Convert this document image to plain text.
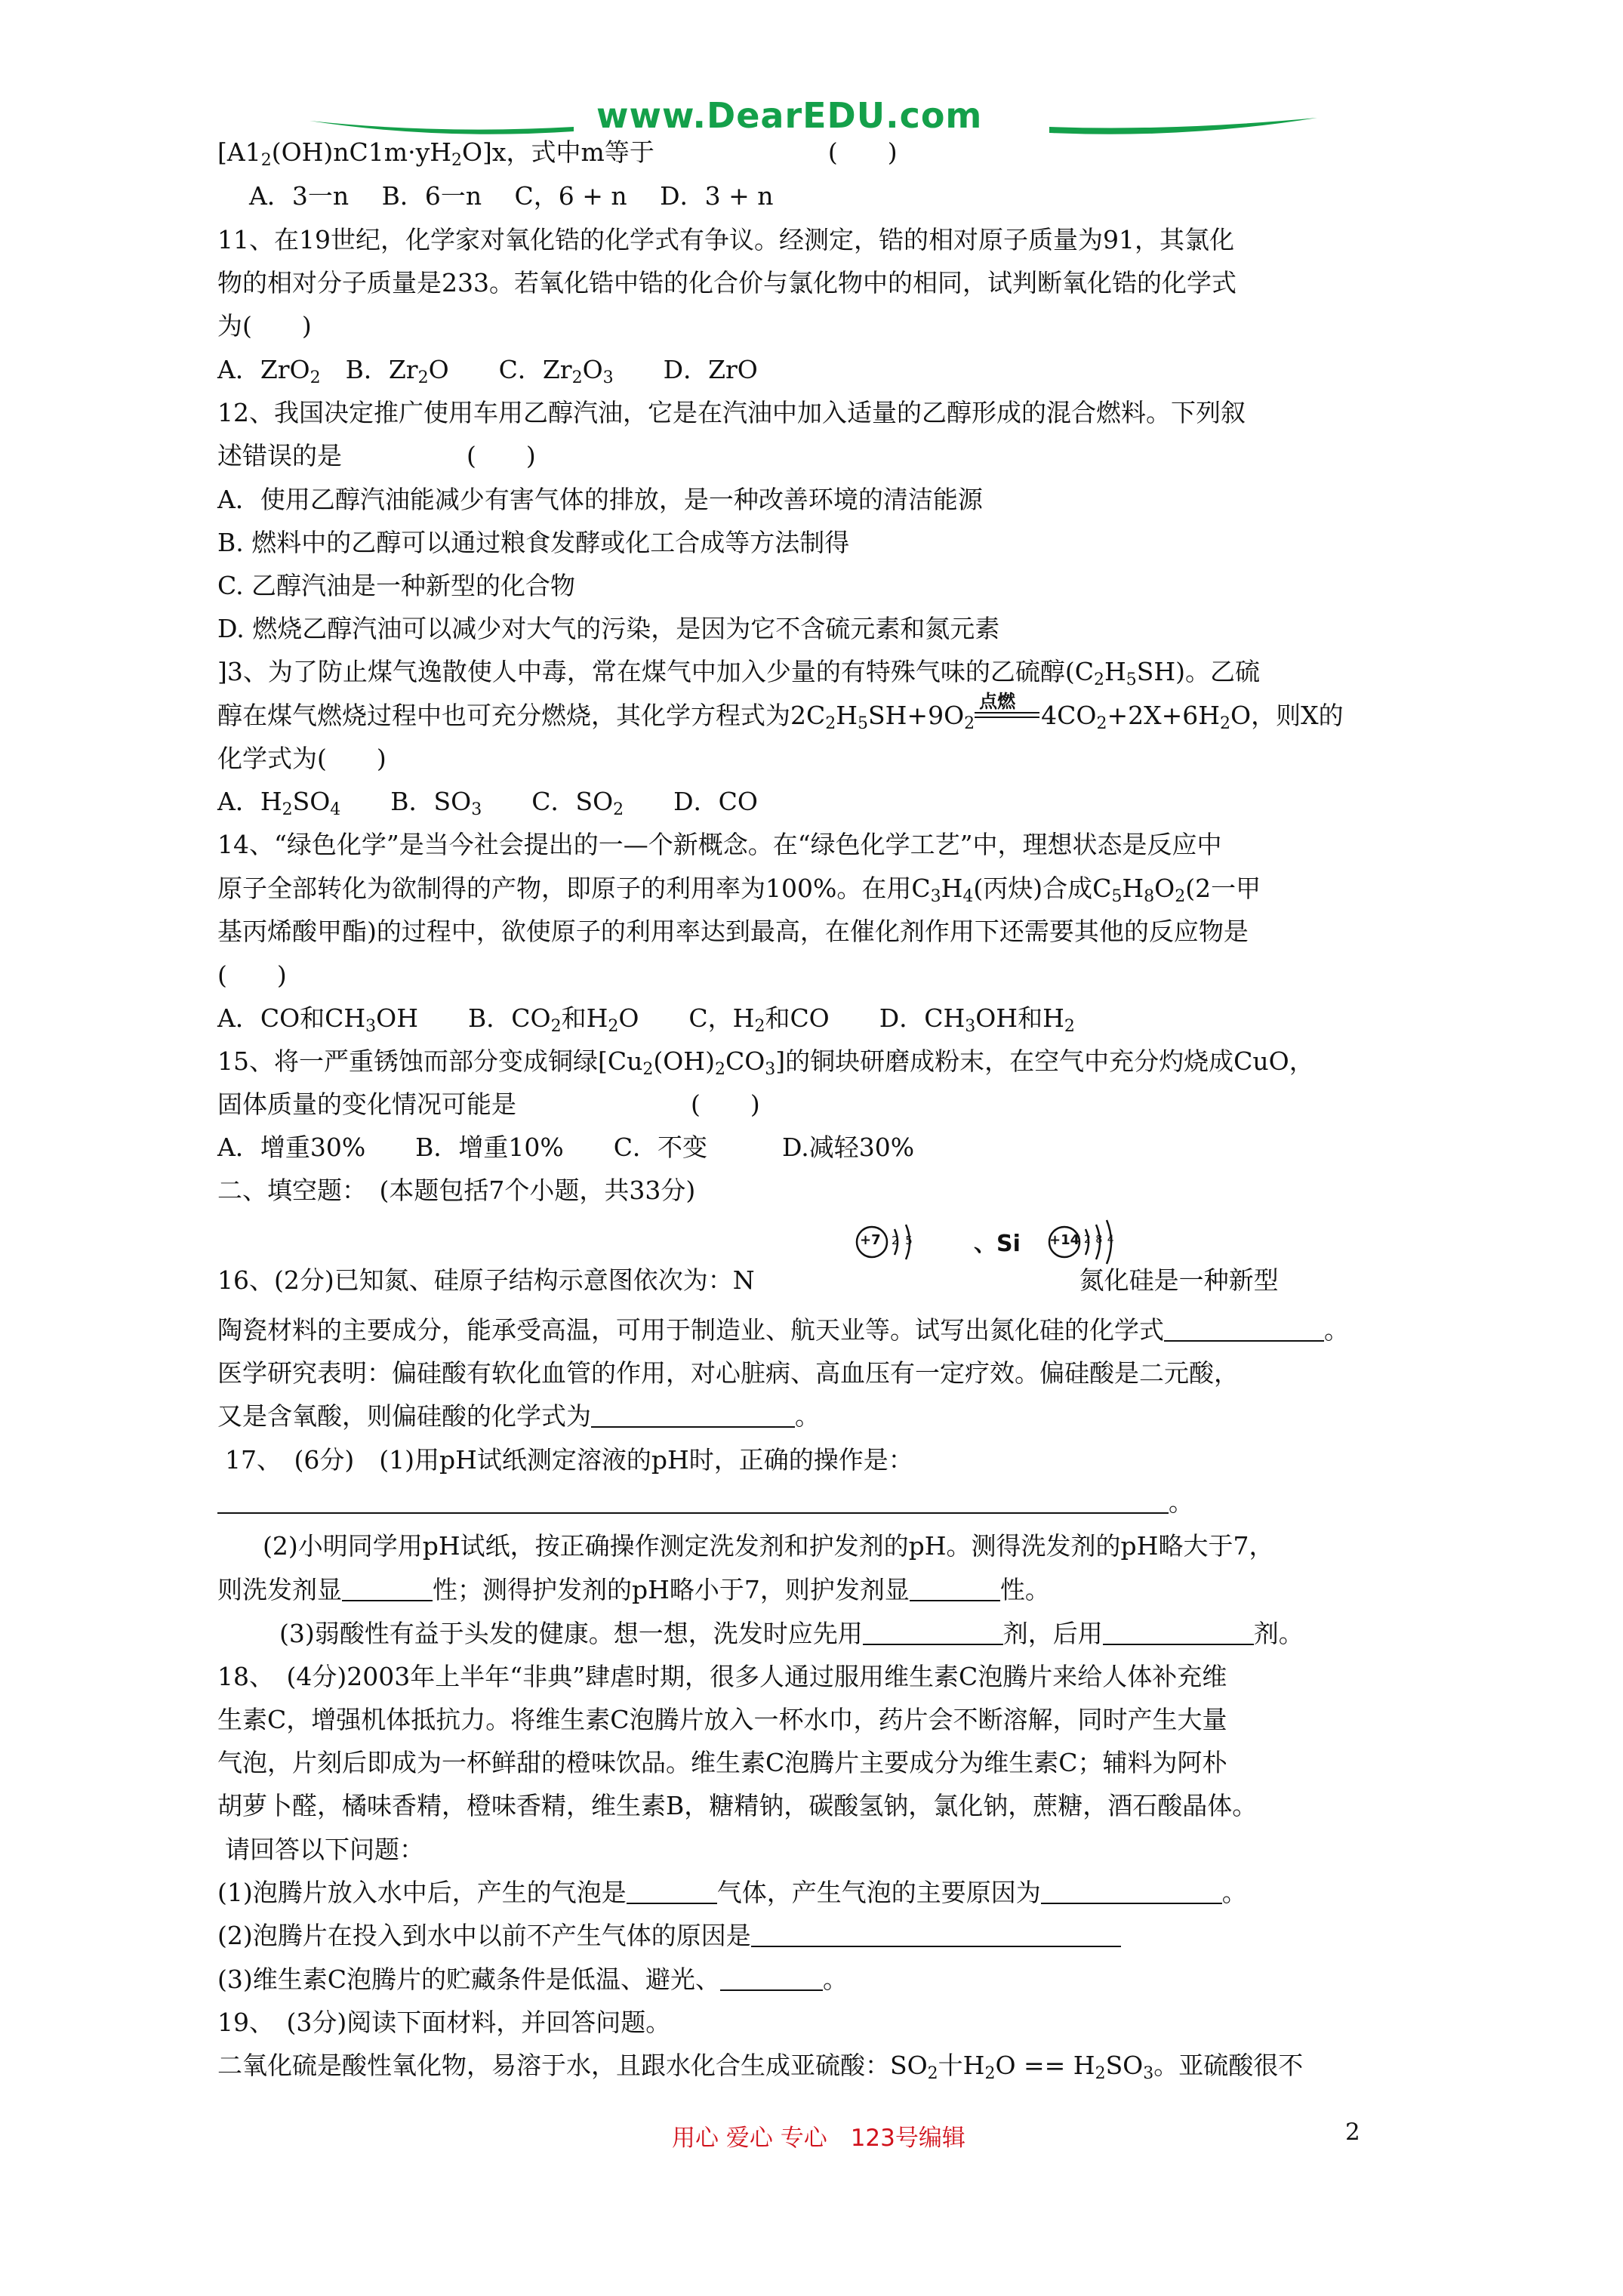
www.DearEDU.com
$[A1_2(OH)nC1m\cdot yH_2O]x$，式中m等于	(　　)
A．3一n　 B．6一n　 C，6 + n　 D．3 + n
11、在19世纪，化学家对氧化锆的化学式有争议。经测定，锆的相对原子质量为91，其氯化
物的相对分子质量是233。若氧化锆中锆的化合价与氯化物中的相同，试判断氧化锆的化学式
为(　　)
A．ZrO$_2$　B．$Zr_2O$　　C．$Zr_2O_3$　　D．ZrO
12、我国决定推广使用车用乙醇汽油，它是在汽油中加入适量的乙醇形成的混合燃料。下列叙
述错误的是　　　　　(　　)
A．使用乙醇汽油能减少有害气体的排放，是一种改善环境的清洁能源
B. 燃料中的乙醇可以通过粮食发酵或化工合成等方法制得
C. 乙醇汽油是一种新型的化合物
D. 燃烧乙醇汽油可以减少对大气的污染，是因为它不含硫元素和氮元素
]3、为了防止煤气逸散使人中毒，常在煤气中加入少量的有特殊气味的乙硫醇$(C_2H_5SH)$。乙硫
醇在煤气燃烧过程中也可充分燃烧，其化学方程式为$2C_2H_5SH+9O_2$
点燃 $4CO_2+2X+6H_2O$，则X的
化学式为(　　)
A．$H_2SO_4$　　B．$SO_3$　　C．$SO_2$　　D．CO
14、“绿色化学”是当今社会提出的一—个新概念。在“绿色化学工艺”中，理想状态是反应中
原子全部转化为欲制得的产物，即原子的利用率为100%。在用$C_3H_4$(丙炔)合成$C_5H_8O_2(2$一甲
基丙烯酸甲酯)的过程中，欲使原子的利用率达到最高，在催化剂作用下还需要其他的反应物是
(　　)
A．CO和$CH_3OH$　　B．$CO_2$和$H_2O$　　C，$H_2$和CO　　D．$CH_3OH$和$H_2$
15、将一严重锈蚀而部分变成铜绿$[Cu_2(OH)_2CO_3]$的铜块研磨成粉末，在空气中充分灼烧成CuO，
固体质量的变化情况可能是　　　　　　　(　　)
A．增重30%　　B．增重10%　　C．不变　　　D.减轻30%
二、填空题：　(本题包括7个小题，共33分)
+7 2 5	、Si +14 2 8 4
16、(2分)已知氮、硅原子结构示意图依次为：N	氮化硅是一种新型
陶瓷材料的主要成分，能承受高温，可用于制造业、航天业等。试写出氮化硅的化学式	。
医学研究表明：偏硅酸有软化血管的作用，对心脏病、高血压有一定疗效。偏硅酸是二元酸，
又是含氧酸，则偏硅酸的化学式为	。
17、　(6分)　(1)用pH试纸测定溶液的pH时，正确的操作是：
。
(2)小明同学用pH试纸，按正确操作测定洗发剂和护发剂的pH。测得洗发剂的pH略大于7，
则洗发剂显	性；测得护发剂的pH略小于7，则护发剂显	性。
(3)弱酸性有益于头发的健康。想一想，洗发时应先用	剂，后用	剂。
18、　(4分)2003年上半年“非典”肆虐时期，很多人通过服用维生素C泡腾片来给人体补充维
生素C，增强机体抵抗力。将维生素C泡腾片放入一杯水巾，药片会不断溶解，同时产生大量
气泡，片刻后即成为一杯鲜甜的橙味饮品。维生素C泡腾片主要成分为维生素C；辅料为阿朴
胡萝卜醛，橘味香精，橙味香精，维生素B，糖精钠，碳酸氢钠，氯化钠，蔗糖，酒石酸晶体。
请回答以下问题：
(1)泡腾片放入水中后，产生的气泡是	气体，产生气泡的主要原因为	。
(2)泡腾片在投入到水中以前不产生气体的原因是
(3)维生素C泡腾片的贮藏条件是低温、避光、	。
19、　(3分)阅读下面材料，并回答问题。
二氧化硫是酸性氧化物，易溶于水，且跟水化合生成亚硫酸：$SO_2$十$H_2O == H_2SO_3$。亚硫酸很不
用心 爱心 专心　123号编辑	2
